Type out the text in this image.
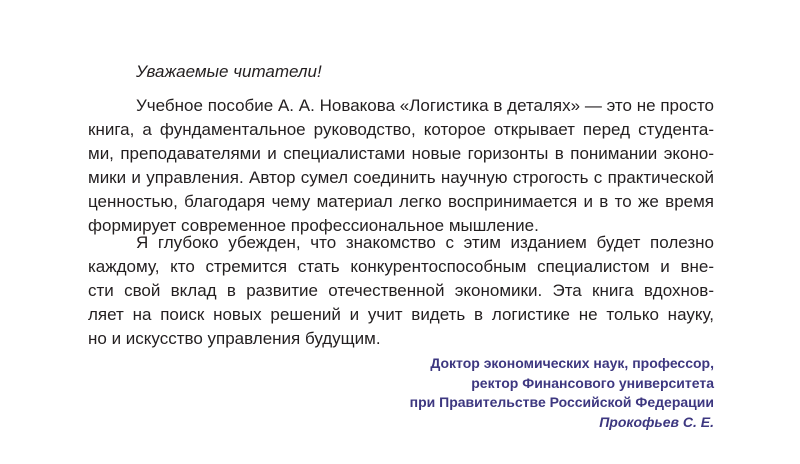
Уважаемые читатели!
Учебное пособие А. А. Новакова «Логистика в деталях» — это не просто
книга, а фундаментальное руководство, которое открывает перед студента-
ми, преподавателями и специалистами новые горизонты в понимании эконо-
мики и управления. Автор сумел соединить научную строгость с практической
ценностью, благодаря чему материал легко воспринимается и в то же время
формирует современное профессиональное мышление.
Я глубоко убежден, что знакомство с этим изданием будет полезно
каждому, кто стремится стать конкурентоспособным специалистом и вне-
сти свой вклад в развитие отечественной экономики. Эта книга вдохнов-
ляет на поиск новых решений и учит видеть в логистике не только науку,
но и искусство управления будущим.
Доктор экономических наук, профессор,
ректор Финансового университета
при Правительстве Российской Федерации
Прокофьев С. Е.
